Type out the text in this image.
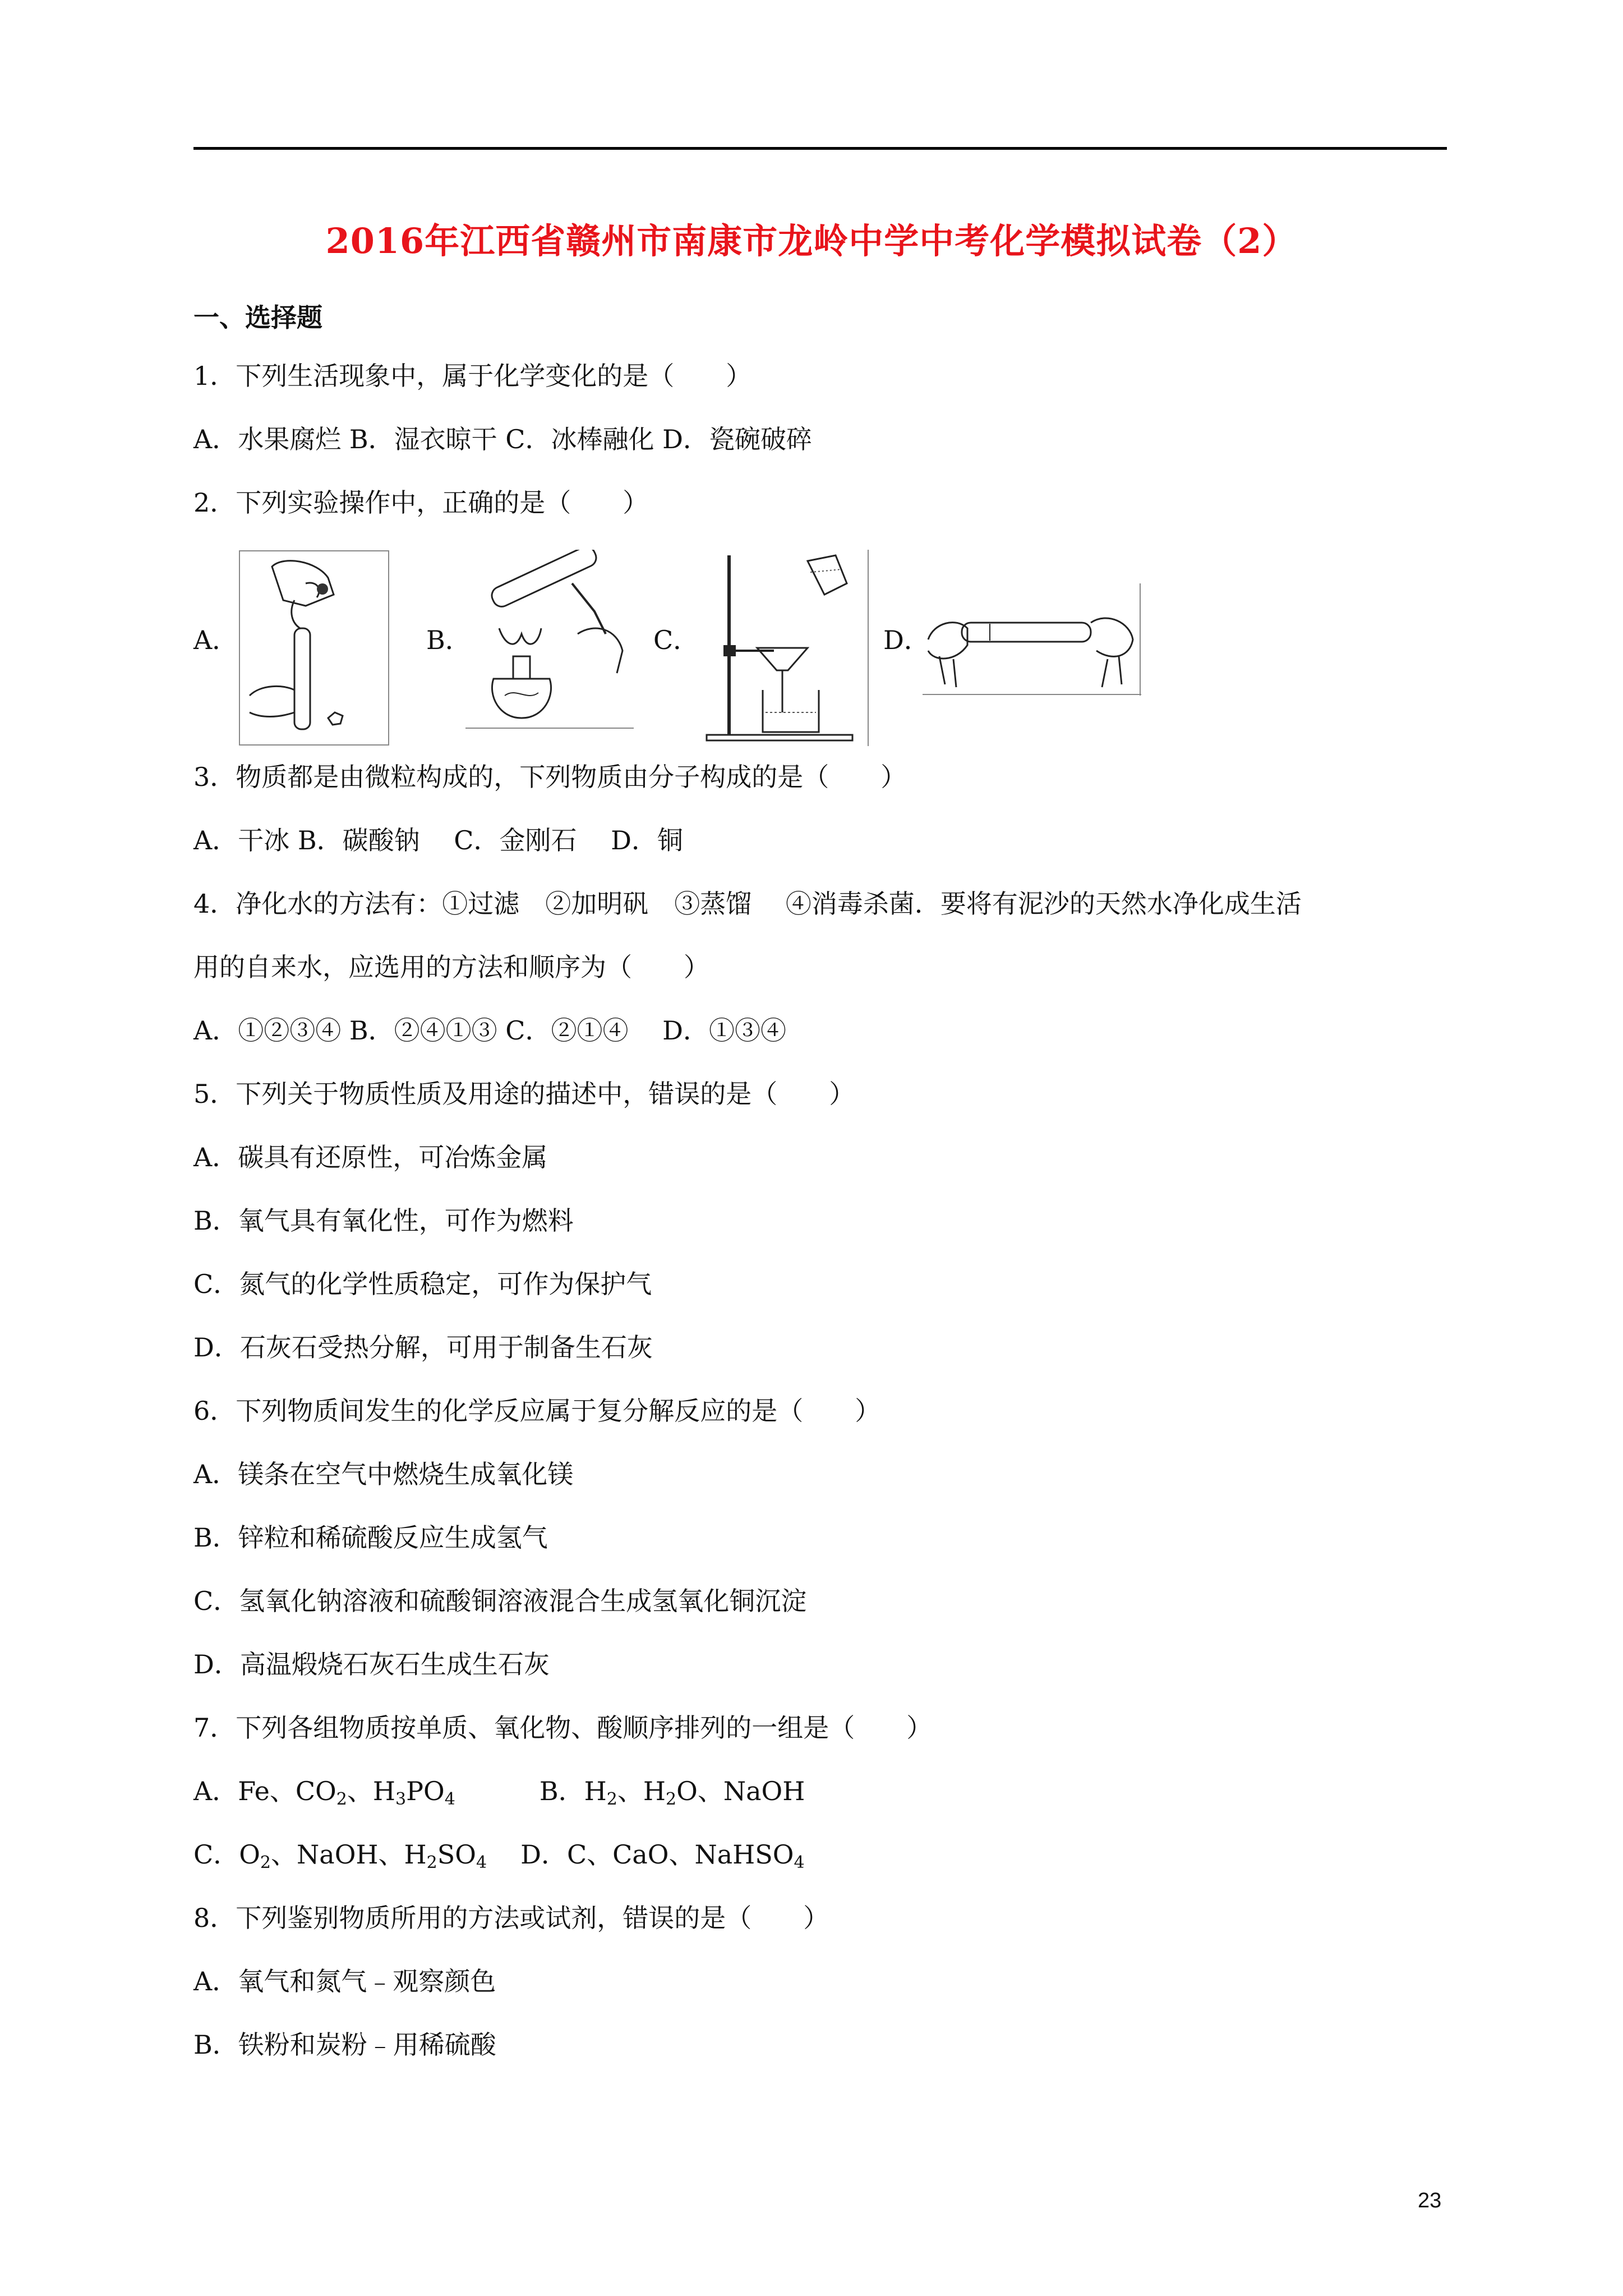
2016年江西省赣州市南康市龙岭中学中考化学模拟试卷（2）
一、选择题
1．下列生活现象中，属于化学变化的是（　　）
A．水果腐烂 B．湿衣晾干 C．冰棒融化 D．瓷碗破碎
2．下列实验操作中，正确的是（　　）
A．	B．	C．	D．
3．物质都是由微粒构成的，下列物质由分子构成的是（　　）
A．干冰 B．碳酸钠　 C．金刚石　 D．铜
4．净化水的方法有：①过滤　②加明矾　③蒸馏　 ④消毒杀菌．要将有泥沙的天然水净化成生活
用的自来水，应选用的方法和顺序为（　　）
A．①②③④ B．②④①③ C．②①④　 D．①③④
5．下列关于物质性质及用途的描述中，错误的是（　　）
A．碳具有还原性，可冶炼金属
B．氧气具有氧化性，可作为燃料
C．氮气的化学性质稳定，可作为保护气
D．石灰石受热分解，可用于制备生石灰
6．下列物质间发生的化学反应属于复分解反应的是（　　）
A．镁条在空气中燃烧生成氧化镁
B．锌粒和稀硫酸反应生成氢气
C．氢氧化钠溶液和硫酸铜溶液混合生成氢氧化铜沉淀
D．高温煅烧石灰石生成生石灰
7．下列各组物质按单质、氧化物、酸顺序排列的一组是（　　）
A．Fe、$CO_2$、$H_3PO_4$	B．$H_2$、$H_2O$、NaOH
C．$O_2$、NaOH、$H_2SO_4$ D．C、CaO、NaHSO$_4$
8．下列鉴别物质所用的方法或试剂，错误的是（　　）
A．氧气和氮气﹣观察颜色
B．铁粉和炭粉﹣用稀硫酸
23
